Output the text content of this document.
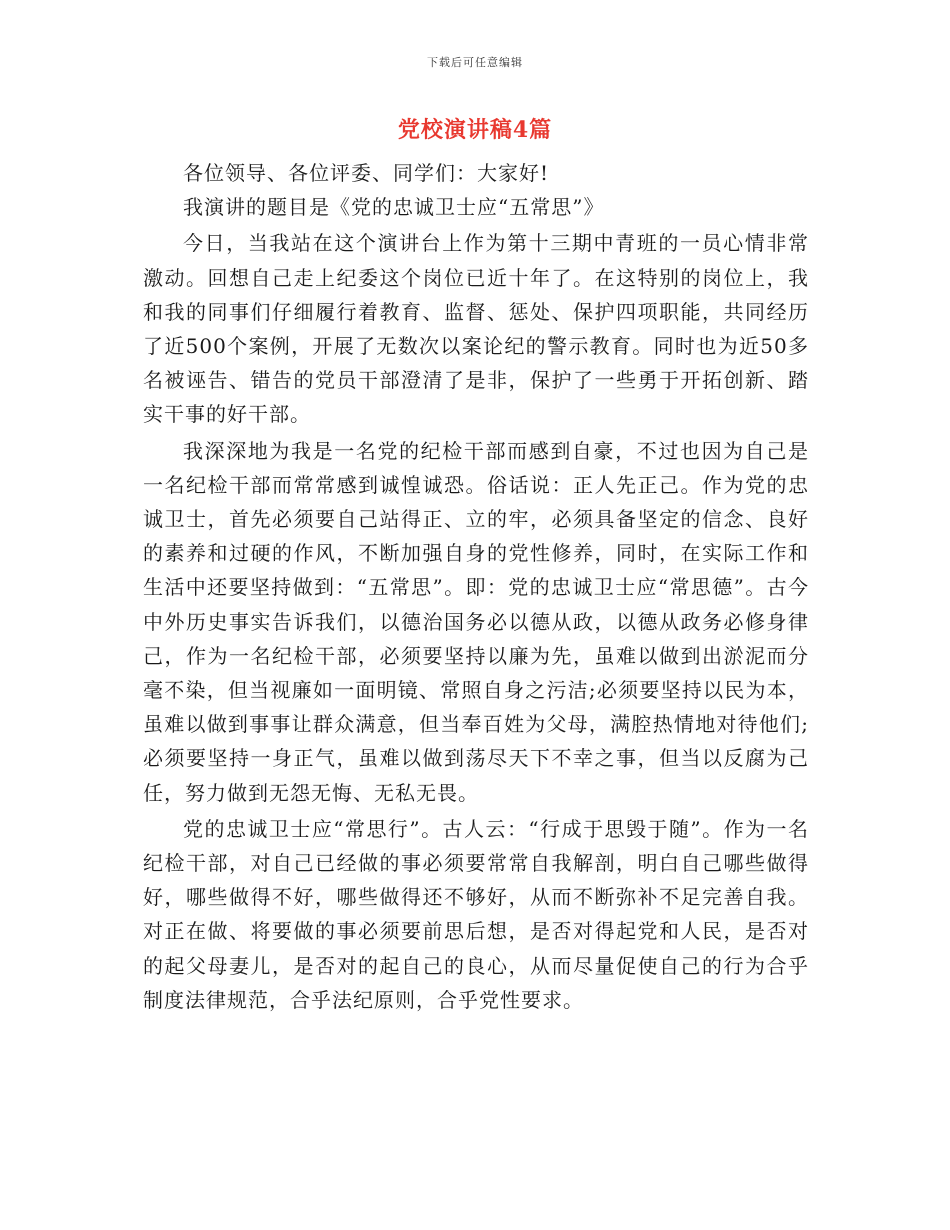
下载后可任意编辑
党校演讲稿4篇

各位领导、各位评委、同学们：大家好!

我演讲的题目是《党的忠诚卫士应“五常思”》

今日，当我站在这个演讲台上作为第十三期中青班的一员心情非常激动。回想自己走上纪委这个岗位已近十年了。在这特别的岗位上，我和我的同事们仔细履行着教育、监督、惩处、保护四项职能，共同经历了近500个案例，开展了无数次以案论纪的警示教育。同时也为近50多名被诬告、错告的党员干部澄清了是非，保护了一些勇于开拓创新、踏实干事的好干部。

我深深地为我是一名党的纪检干部而感到自豪，不过也因为自己是一名纪检干部而常常感到诚惶诚恐。俗话说：正人先正己。作为党的忠诚卫士，首先必须要自己站得正、立的牢，必须具备坚定的信念、良好的素养和过硬的作风，不断加强自身的党性修养，同时，在实际工作和生活中还要坚持做到：“五常思”。即：党的忠诚卫士应“常思德”。古今中外历史事实告诉我们，以德治国务必以德从政，以德从政务必修身律己，作为一名纪检干部，必须要坚持以廉为先，虽难以做到出淤泥而分毫不染，但当视廉如一面明镜、常照自身之污洁;必须要坚持以民为本，虽难以做到事事让群众满意，但当奉百姓为父母，满腔热情地对待他们;必须要坚持一身正气，虽难以做到荡尽天下不幸之事，但当以反腐为己任，努力做到无怨无悔、无私无畏。

党的忠诚卫士应“常思行”。古人云：“行成于思毁于随”。作为一名纪检干部，对自己已经做的事必须要常常自我解剖，明白自己哪些做得好，哪些做得不好，哪些做得还不够好，从而不断弥补不足完善自我。对正在做、将要做的事必须要前思后想，是否对得起党和人民，是否对的起父母妻儿，是否对的起自己的良心，从而尽量促使自己的行为合乎制度法律规范，合乎法纪原则，合乎党性要求。
